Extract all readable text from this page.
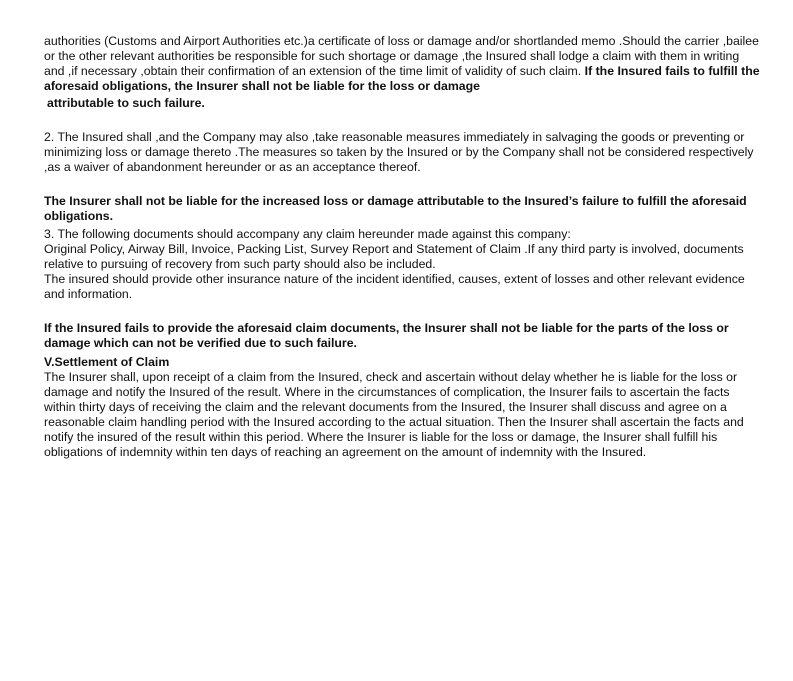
authorities (Customs and Airport Authorities etc.)a certificate of loss or damage and/or shortlanded memo .Should the carrier ,bailee or the other relevant authorities be responsible for such shortage or damage ,the Insured shall lodge a claim with them in writing and ,if necessary ,obtain their confirmation of an extension of the time limit of validity of such claim. If the Insured fails to fulfill the aforesaid obligations, the Insurer shall not be liable for the loss or damage

attributable to such failure.

2. The Insured shall ,and the Company may also ,take reasonable measures immediately in salvaging the goods or preventing or minimizing loss or damage thereto .The measures so taken by the Insured or by the Company shall not be considered respectively ,as a waiver of abandonment hereunder or as an acceptance thereof.

The Insurer shall not be liable for the increased loss or damage attributable to the Insured’s failure to fulfill the aforesaid obligations.

3. The following documents should accompany any claim hereunder made against this company:

Original Policy, Airway Bill, Invoice, Packing List, Survey Report and Statement of Claim .If any third party is involved, documents relative to pursuing of recovery from such party should also be included.

The insured should provide other insurance nature of the incident identified, causes, extent of losses and other relevant evidence and information.

If the Insured fails to provide the aforesaid claim documents, the Insurer shall not be liable for the parts of the loss or damage which can not be verified due to such failure.

V.Settlement of Claim

The Insurer shall, upon receipt of a claim from the Insured, check and ascertain without delay whether he is liable for the loss or damage and notify the Insured of the result. Where in the circumstances of complication, the Insurer fails to ascertain the facts within thirty days of receiving the claim and the relevant documents from the Insured, the Insurer shall discuss and agree on a reasonable claim handling period with the Insured according to the actual situation. Then the Insurer shall ascertain the facts and notify the insured of the result within this period. Where the Insurer is liable for the loss or damage, the Insurer shall fulfill his obligations of indemnity within ten days of reaching an agreement on the amount of indemnity with the Insured.
